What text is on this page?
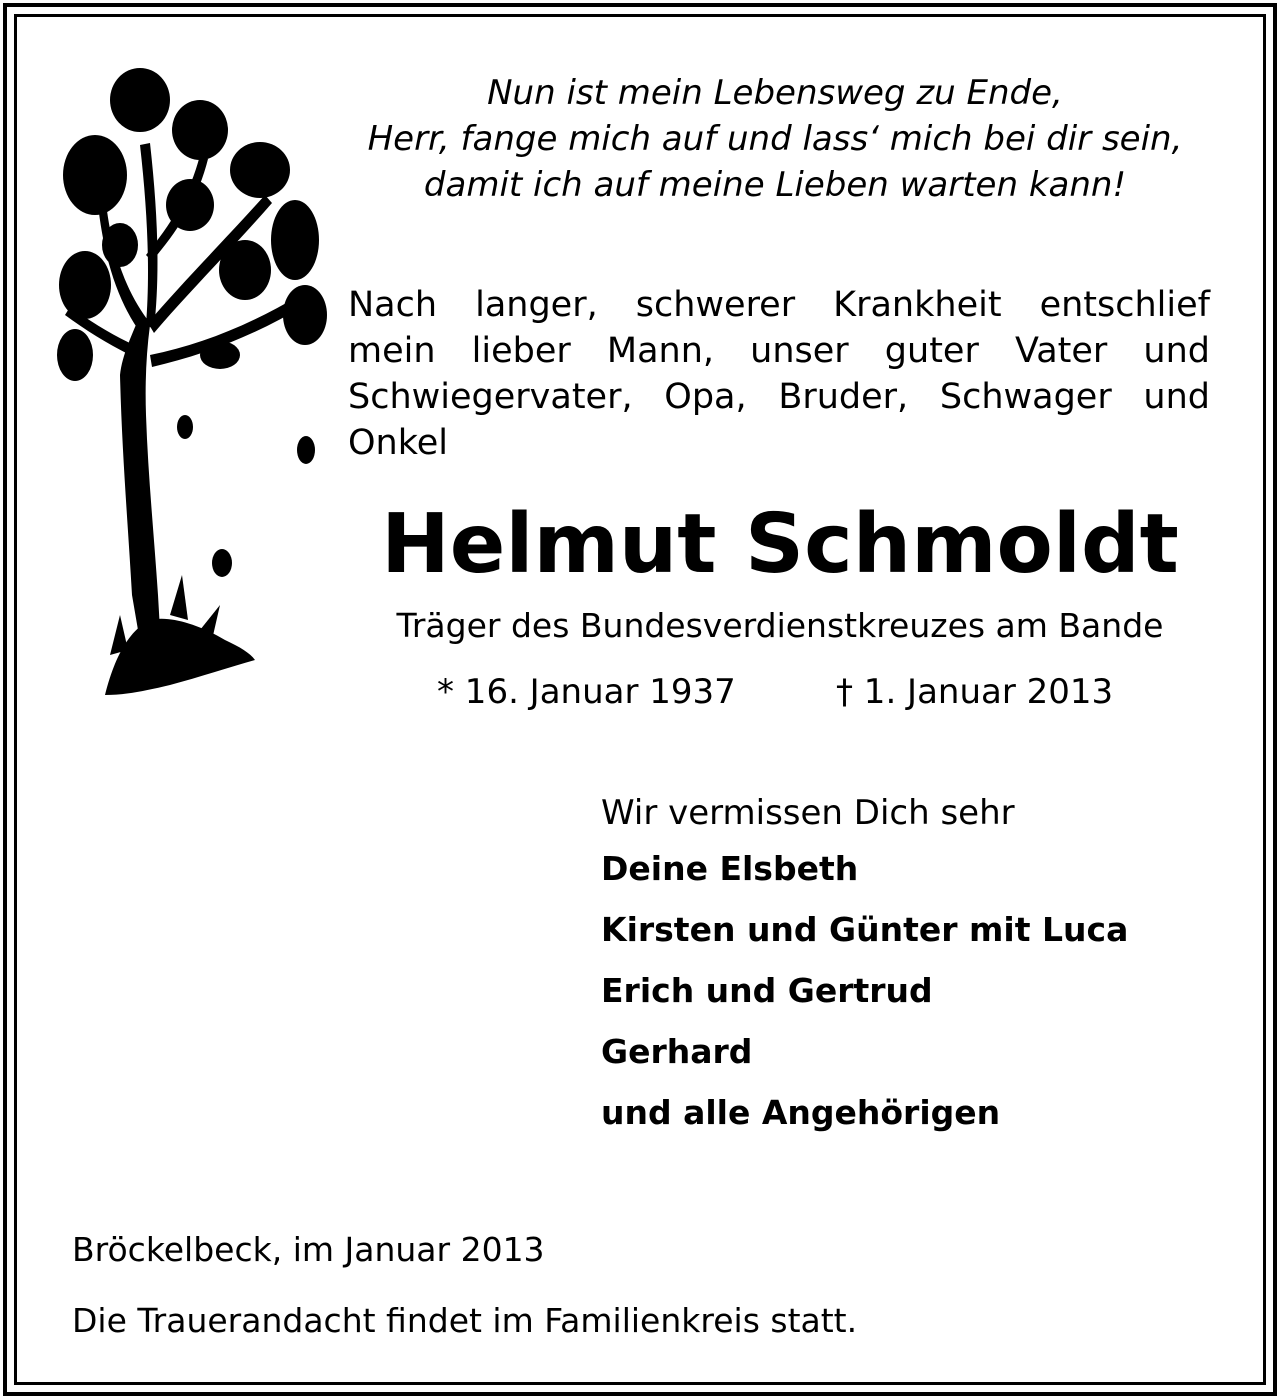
Nun ist mein Lebensweg zu Ende,
Herr, fange mich auf und lass‘ mich bei dir sein,
damit ich auf meine Lieben warten kann!
Nach langer, schwerer Krankheit entschlief
mein lieber Mann, unser guter Vater und
Schwiegervater, Opa, Bruder, Schwager und
Onkel
Helmut Schmoldt
Träger des Bundesverdienstkreuzes am Bande
* 16. Januar 1937	† 1. Januar 2013
Wir vermissen Dich sehr
Deine Elsbeth
Kirsten und Günter mit Luca
Erich und Gertrud
Gerhard
und alle Angehörigen
Bröckelbeck, im Januar 2013
Die Trauerandacht findet im Familienkreis statt.
